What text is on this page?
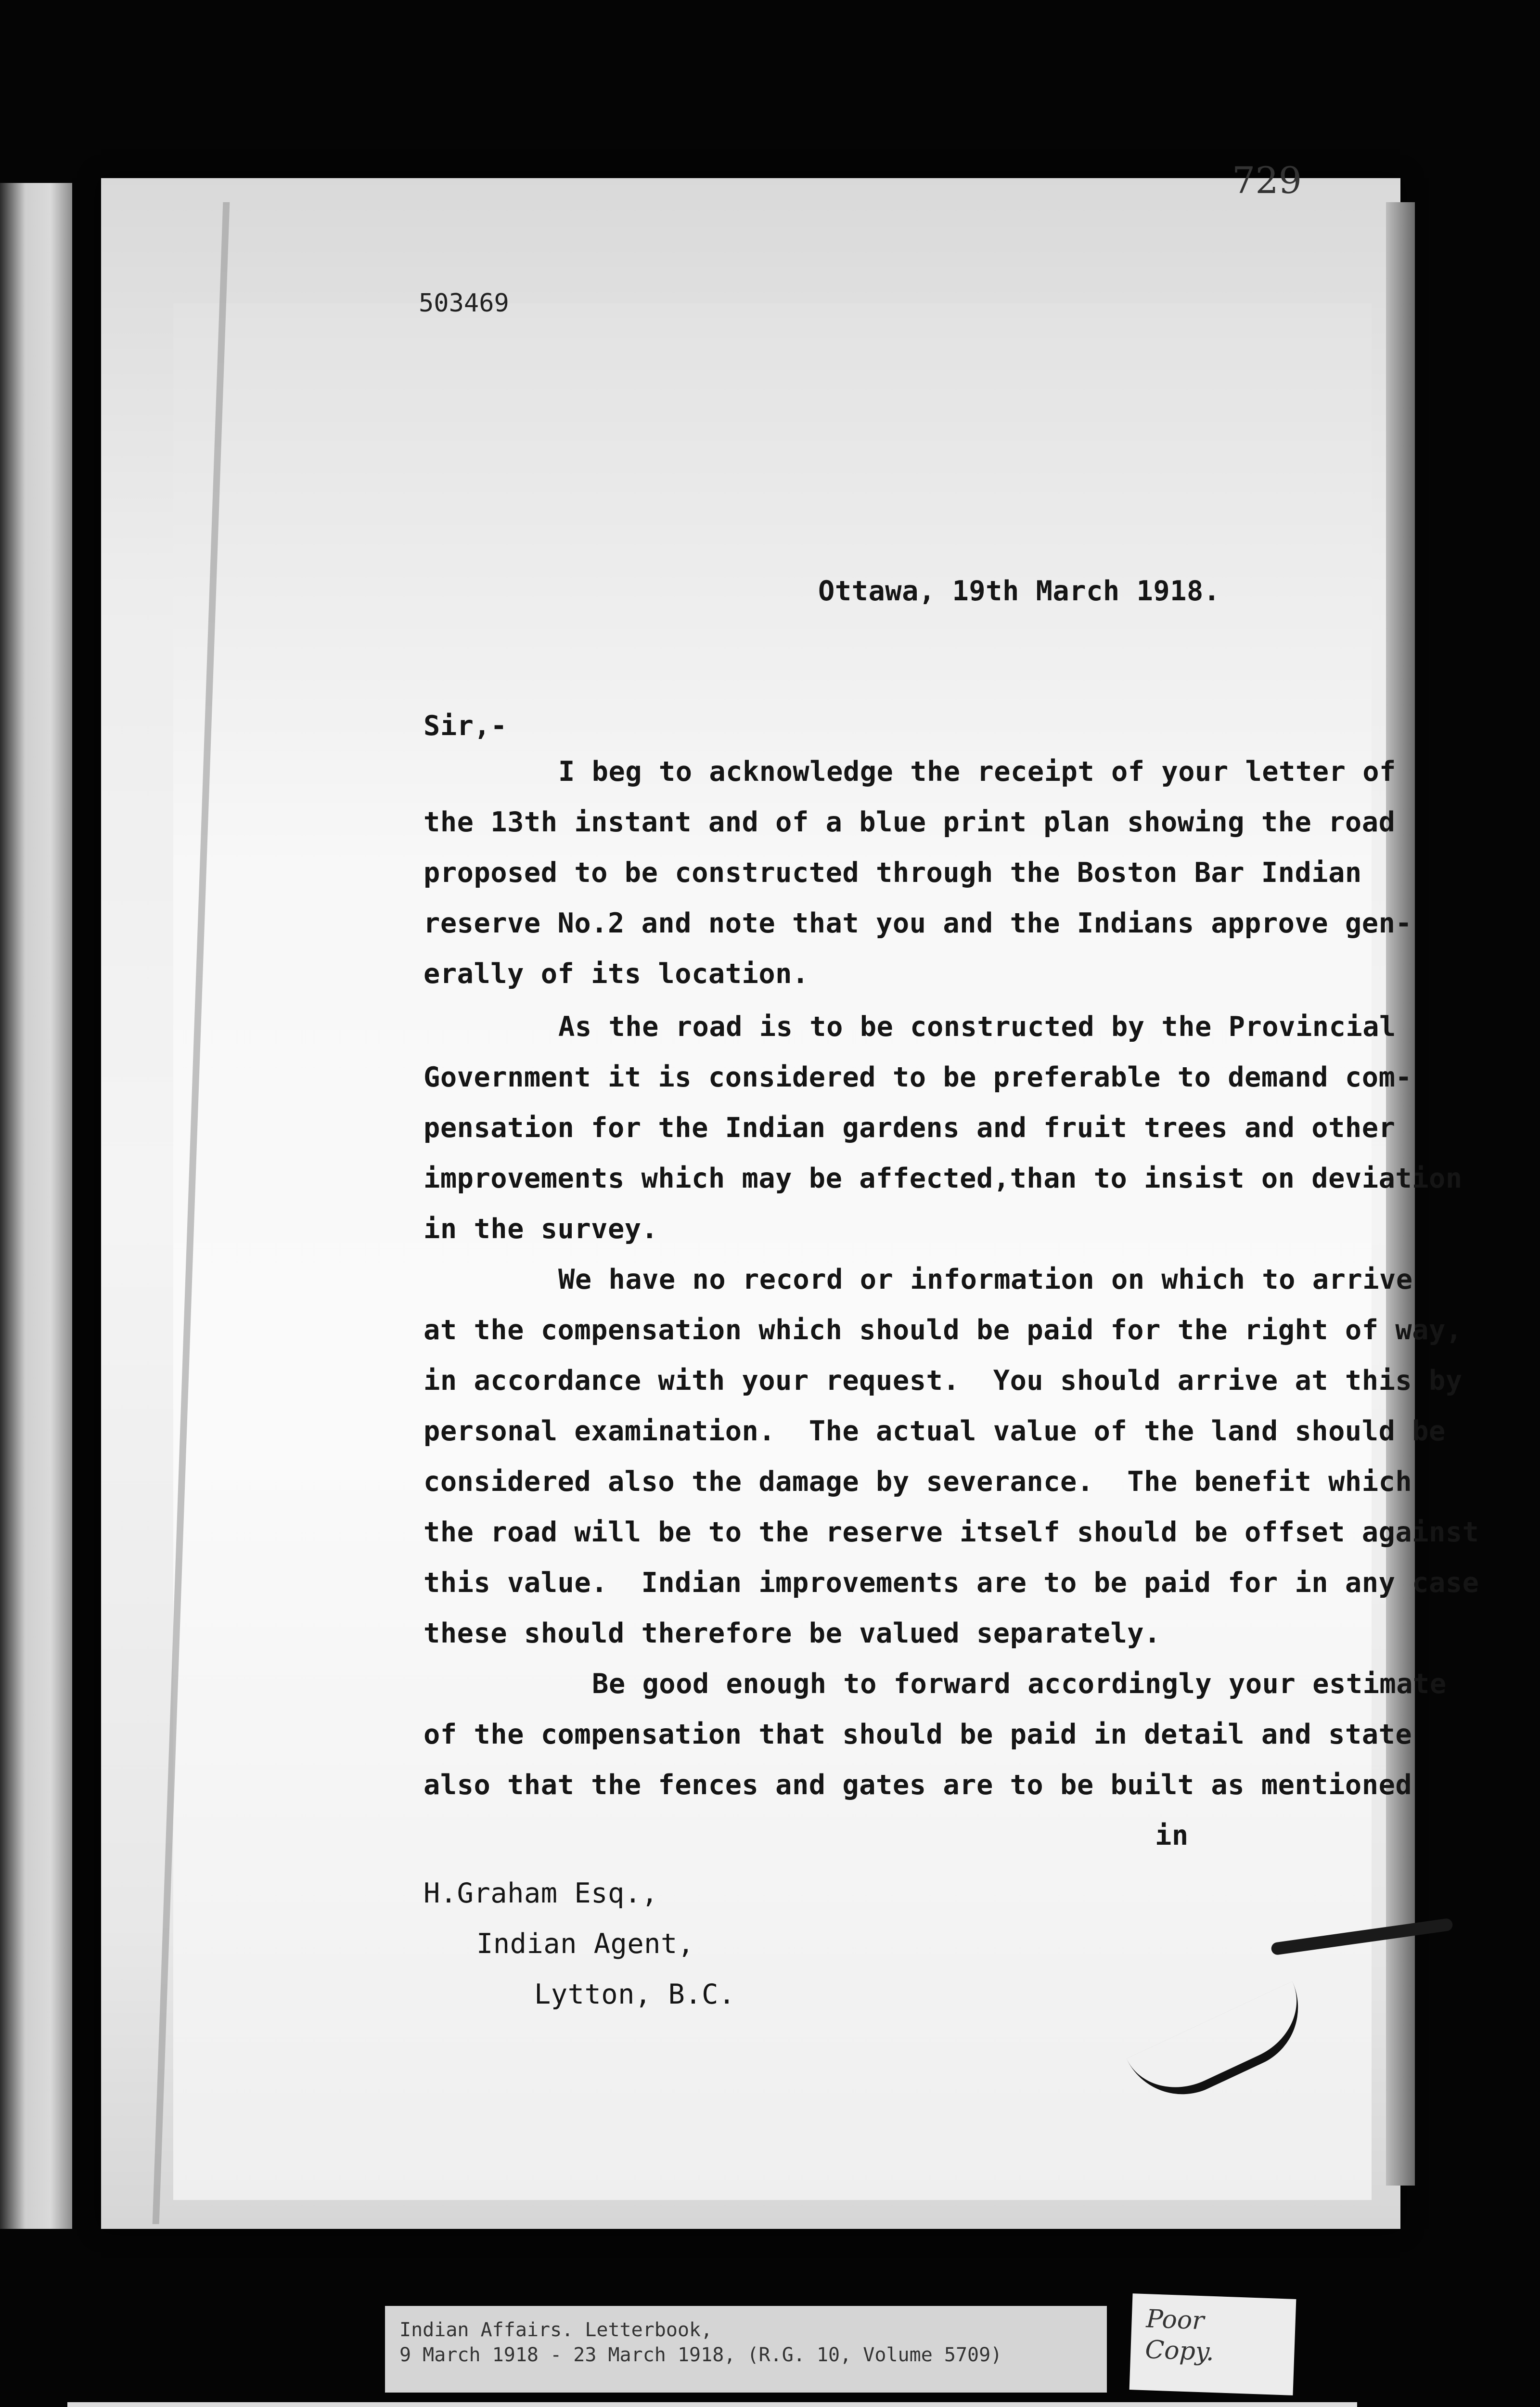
729
503469
Ottawa, 19th March 1918.
Sir,-
I beg to acknowledge the receipt of your letter of
the 13th instant and of a blue print plan showing the road
proposed to be constructed through the Boston Bar Indian
reserve No.2 and note that you and the Indians approve gen-
erally of its location.
As the road is to be constructed by the Provincial
Government it is considered to be preferable to demand com-
pensation for the Indian gardens and fruit trees and other
improvements which may be affected,than to insist on deviation
in the survey.
We have no record or information on which to arrive
at the compensation which should be paid for the right of way,
in accordance with your request.  You should arrive at this by
personal examination.  The actual value of the land should be
considered also the damage by severance.  The benefit which
the road will be to the reserve itself should be offset against
this value.  Indian improvements are to be paid for in any case
these should therefore be valued separately.
Be good enough to forward accordingly your estimate
of the compensation that should be paid in detail and state
also that the fences and gates are to be built as mentioned
in
H.Graham Esq.,
Indian Agent,
Lytton, B.C.
Indian Affairs. Letterbook,
9 March 1918 - 23 March 1918, (R.G. 10, Volume 5709)
Poor
Copy.
